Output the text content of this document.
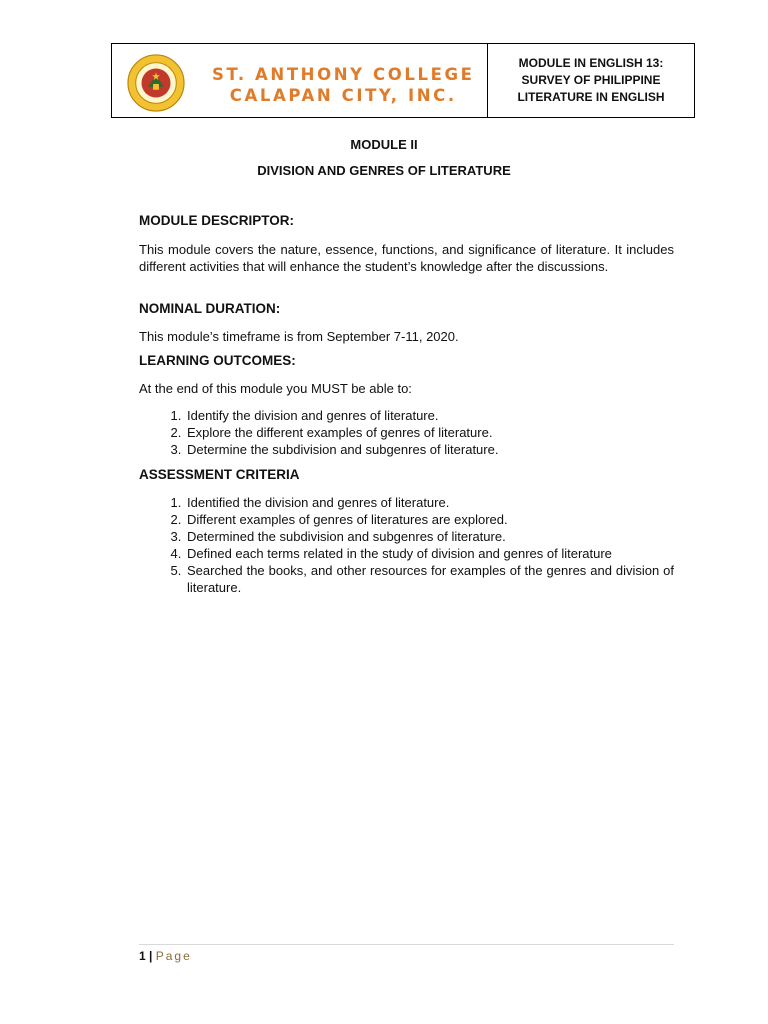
ST. ANTHONY COLLEGE
CALAPAN CITY, INC.
MODULE IN ENGLISH 13:
SURVEY OF PHILIPPINE
LITERATURE IN ENGLISH
MODULE II
DIVISION AND GENRES OF LITERATURE

MODULE DESCRIPTOR:

This module covers the nature, essence, functions, and significance of literature. It includes different activities that will enhance the student’s knowledge after the discussions.

NOMINAL DURATION:

This module’s timeframe is from September 7-11, 2020.

LEARNING OUTCOMES:

At the end of this module you MUST be able to:

1. Identify the division and genres of literature.
2. Explore the different examples of genres of literature.
3. Determine the subdivision and subgenres of literature.

ASSESSMENT CRITERIA

1. Identified the division and genres of literature.
2. Different examples of genres of literatures are explored.
3. Determined the subdivision and subgenres of literature.
4. Defined each terms related in the study of division and genres of literature
5. Searched the books, and other resources for examples of the genres and division of literature.
1 | Page
